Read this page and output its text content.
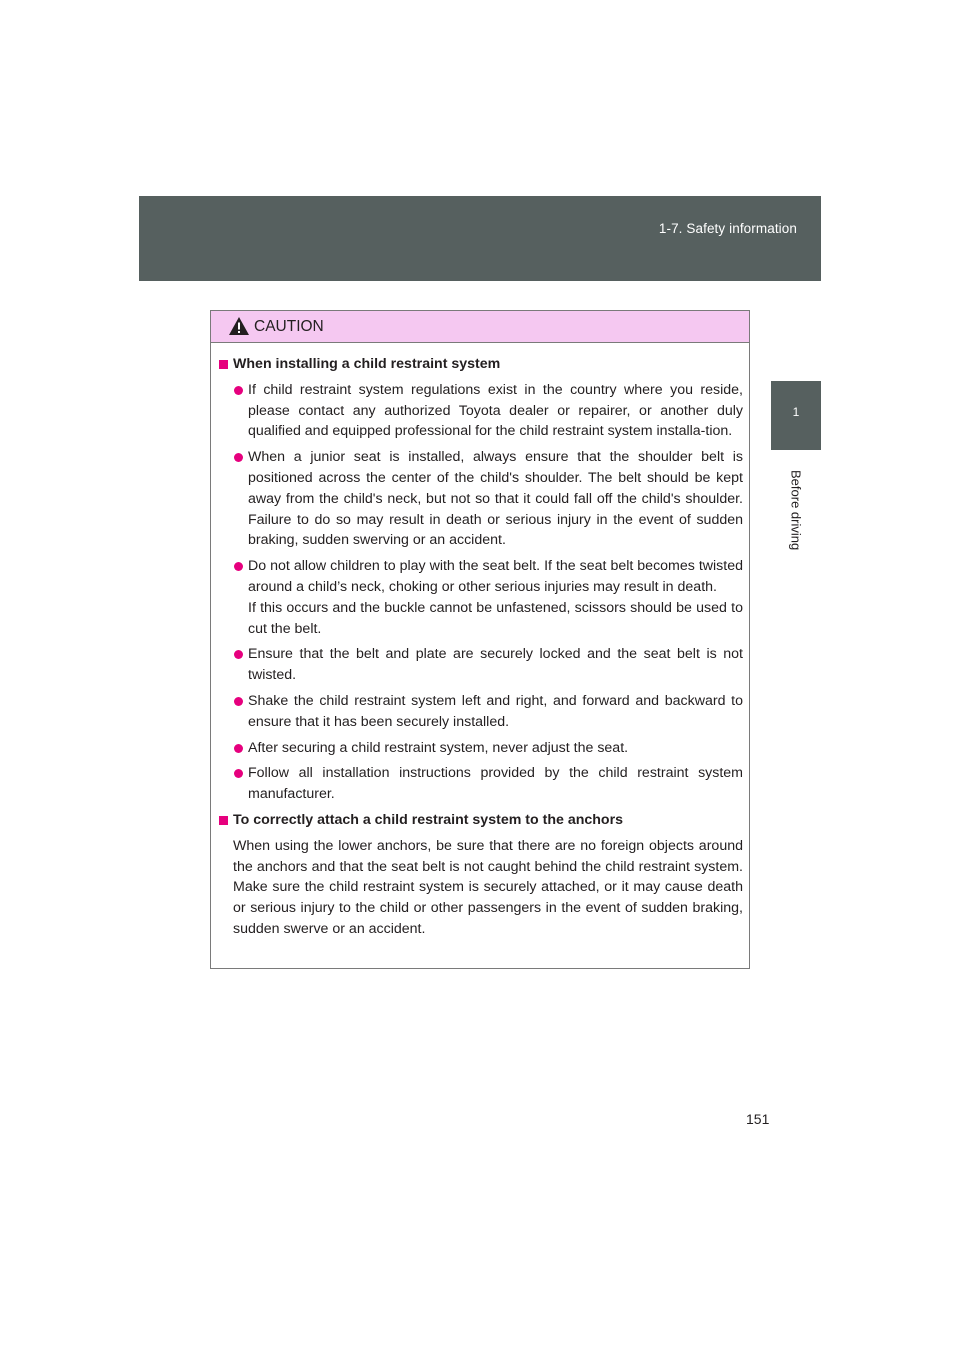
1-7. Safety information
1
Before driving
CAUTION
When installing a child restraint system
If child restraint system regulations exist in the country where you reside, please contact any authorized Toyota dealer or repairer, or another duly qualified and equipped professional for the child restraint system installa-tion.
When a junior seat is installed, always ensure that the shoulder belt is positioned across the center of the child's shoulder. The belt should be kept away from the child's neck, but not so that it could fall off the child's shoulder. Failure to do so may result in death or serious injury in the event of sudden braking, sudden swerving or an accident.
Do not allow children to play with the seat belt. If the seat belt becomes twisted around a child’s neck, choking or other serious injuries may result in death.
If this occurs and the buckle cannot be unfastened, scissors should be used to cut the belt.
Ensure that the belt and plate are securely locked and the seat belt is not twisted.
Shake the child restraint system left and right, and forward and backward to ensure that it has been securely installed.
After securing a child restraint system, never adjust the seat.
Follow all installation instructions provided by the child restraint system manufacturer.
To correctly attach a child restraint system to the anchors
When using the lower anchors, be sure that there are no foreign objects around the anchors and that the seat belt is not caught behind the child restraint system. Make sure the child restraint system is securely attached, or it may cause death or serious injury to the child or other passengers in the event of sudden braking, sudden swerve or an accident.
151
